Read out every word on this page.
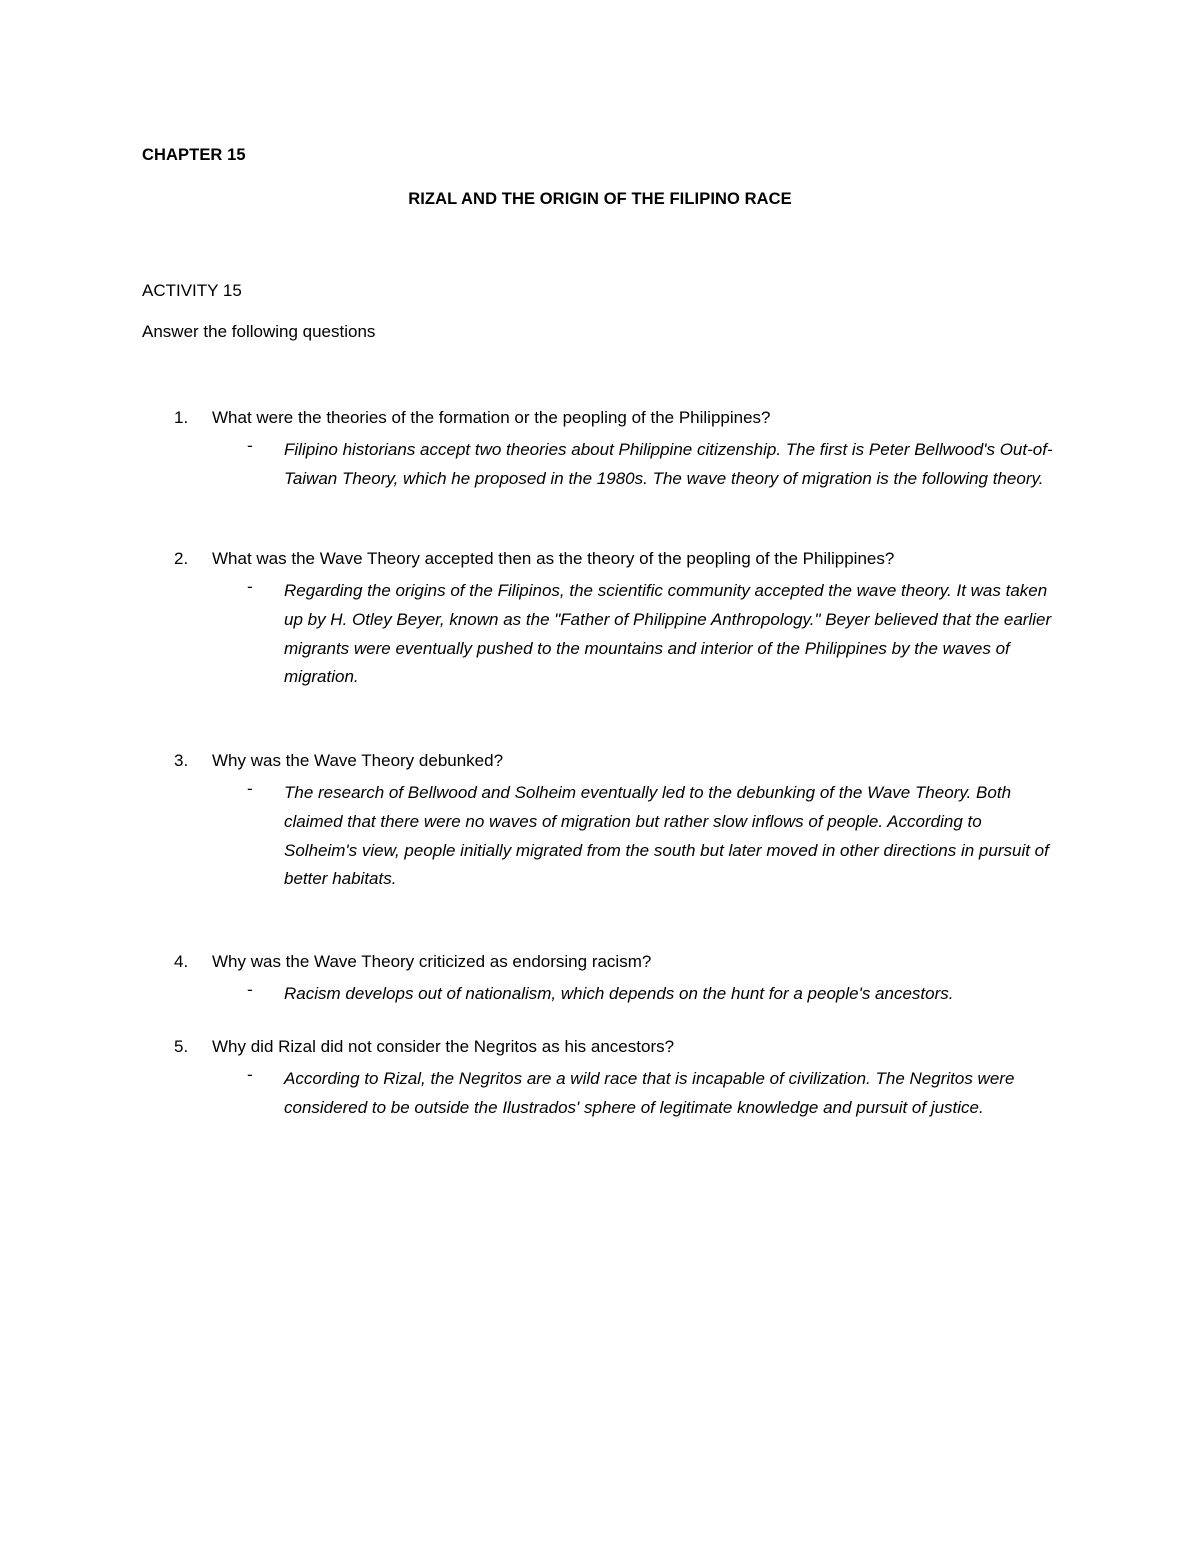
CHAPTER 15
RIZAL AND THE ORIGIN OF THE FILIPINO RACE
ACTIVITY 15
Answer the following questions
1. What were the theories of the formation or the peopling of the Philippines?
- Filipino historians accept two theories about Philippine citizenship. The first is Peter Bellwood's Out-of-Taiwan Theory, which he proposed in the 1980s. The wave theory of migration is the following theory.
2. What was the Wave Theory accepted then as the theory of the peopling of the Philippines?
- Regarding the origins of the Filipinos, the scientific community accepted the wave theory. It was taken up by H. Otley Beyer, known as the "Father of Philippine Anthropology." Beyer believed that the earlier migrants were eventually pushed to the mountains and interior of the Philippines by the waves of migration.
3. Why was the Wave Theory debunked?
- The research of Bellwood and Solheim eventually led to the debunking of the Wave Theory. Both claimed that there were no waves of migration but rather slow inflows of people. According to Solheim's view, people initially migrated from the south but later moved in other directions in pursuit of better habitats.
4. Why was the Wave Theory criticized as endorsing racism?
- Racism develops out of nationalism, which depends on the hunt for a people's ancestors.
5. Why did Rizal did not consider the Negritos as his ancestors?
- According to Rizal, the Negritos are a wild race that is incapable of civilization. The Negritos were considered to be outside the Ilustrados' sphere of legitimate knowledge and pursuit of justice.
